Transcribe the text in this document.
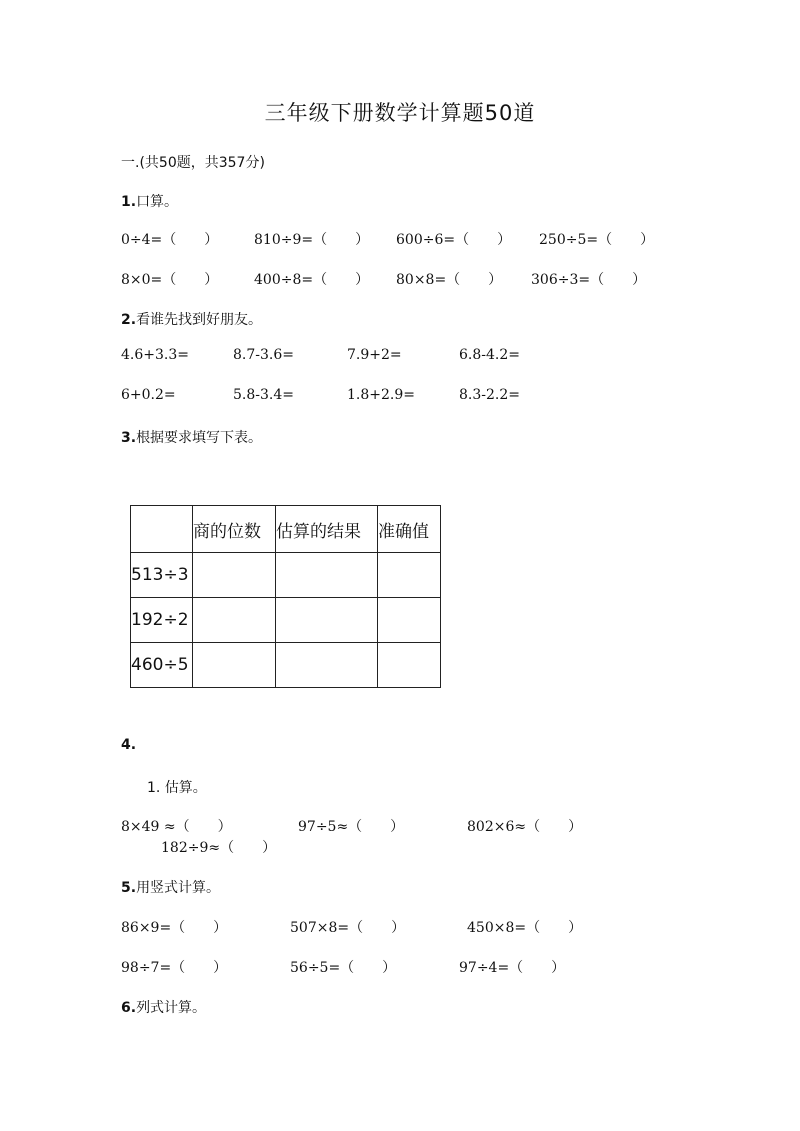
三年级下册数学计算题50道
一.(共50题，共357分)
1.口算。
0÷4=（　　）	810÷9=（　　） 600÷6=（　　） 250÷5=（　　）
8×0=（　　）	400÷8=（　　） 80×8=（　　） 306÷3=（　　）
2.看谁先找到好朋友。
4.6+3.3=	8.7-3.6=	7.9+2=	6.8-4.2=
6+0.2=	5.8-3.4=	1.8+2.9=	8.3-2.2=
3.根据要求填写下表。

	商的位数	估算的结果	准确值

513÷3			

192÷2			

460÷5			

4.
1. 估算。
8×49 ≈（　　）	97÷5≈（　　）	802×6≈（　　）
182÷9≈（　　）
5.用竖式计算。
86×9=（　　）	507×8=（　　）	450×8=（　　）
98÷7=（　　）	56÷5=（　　）	97÷4=（　　）
6.列式计算。
